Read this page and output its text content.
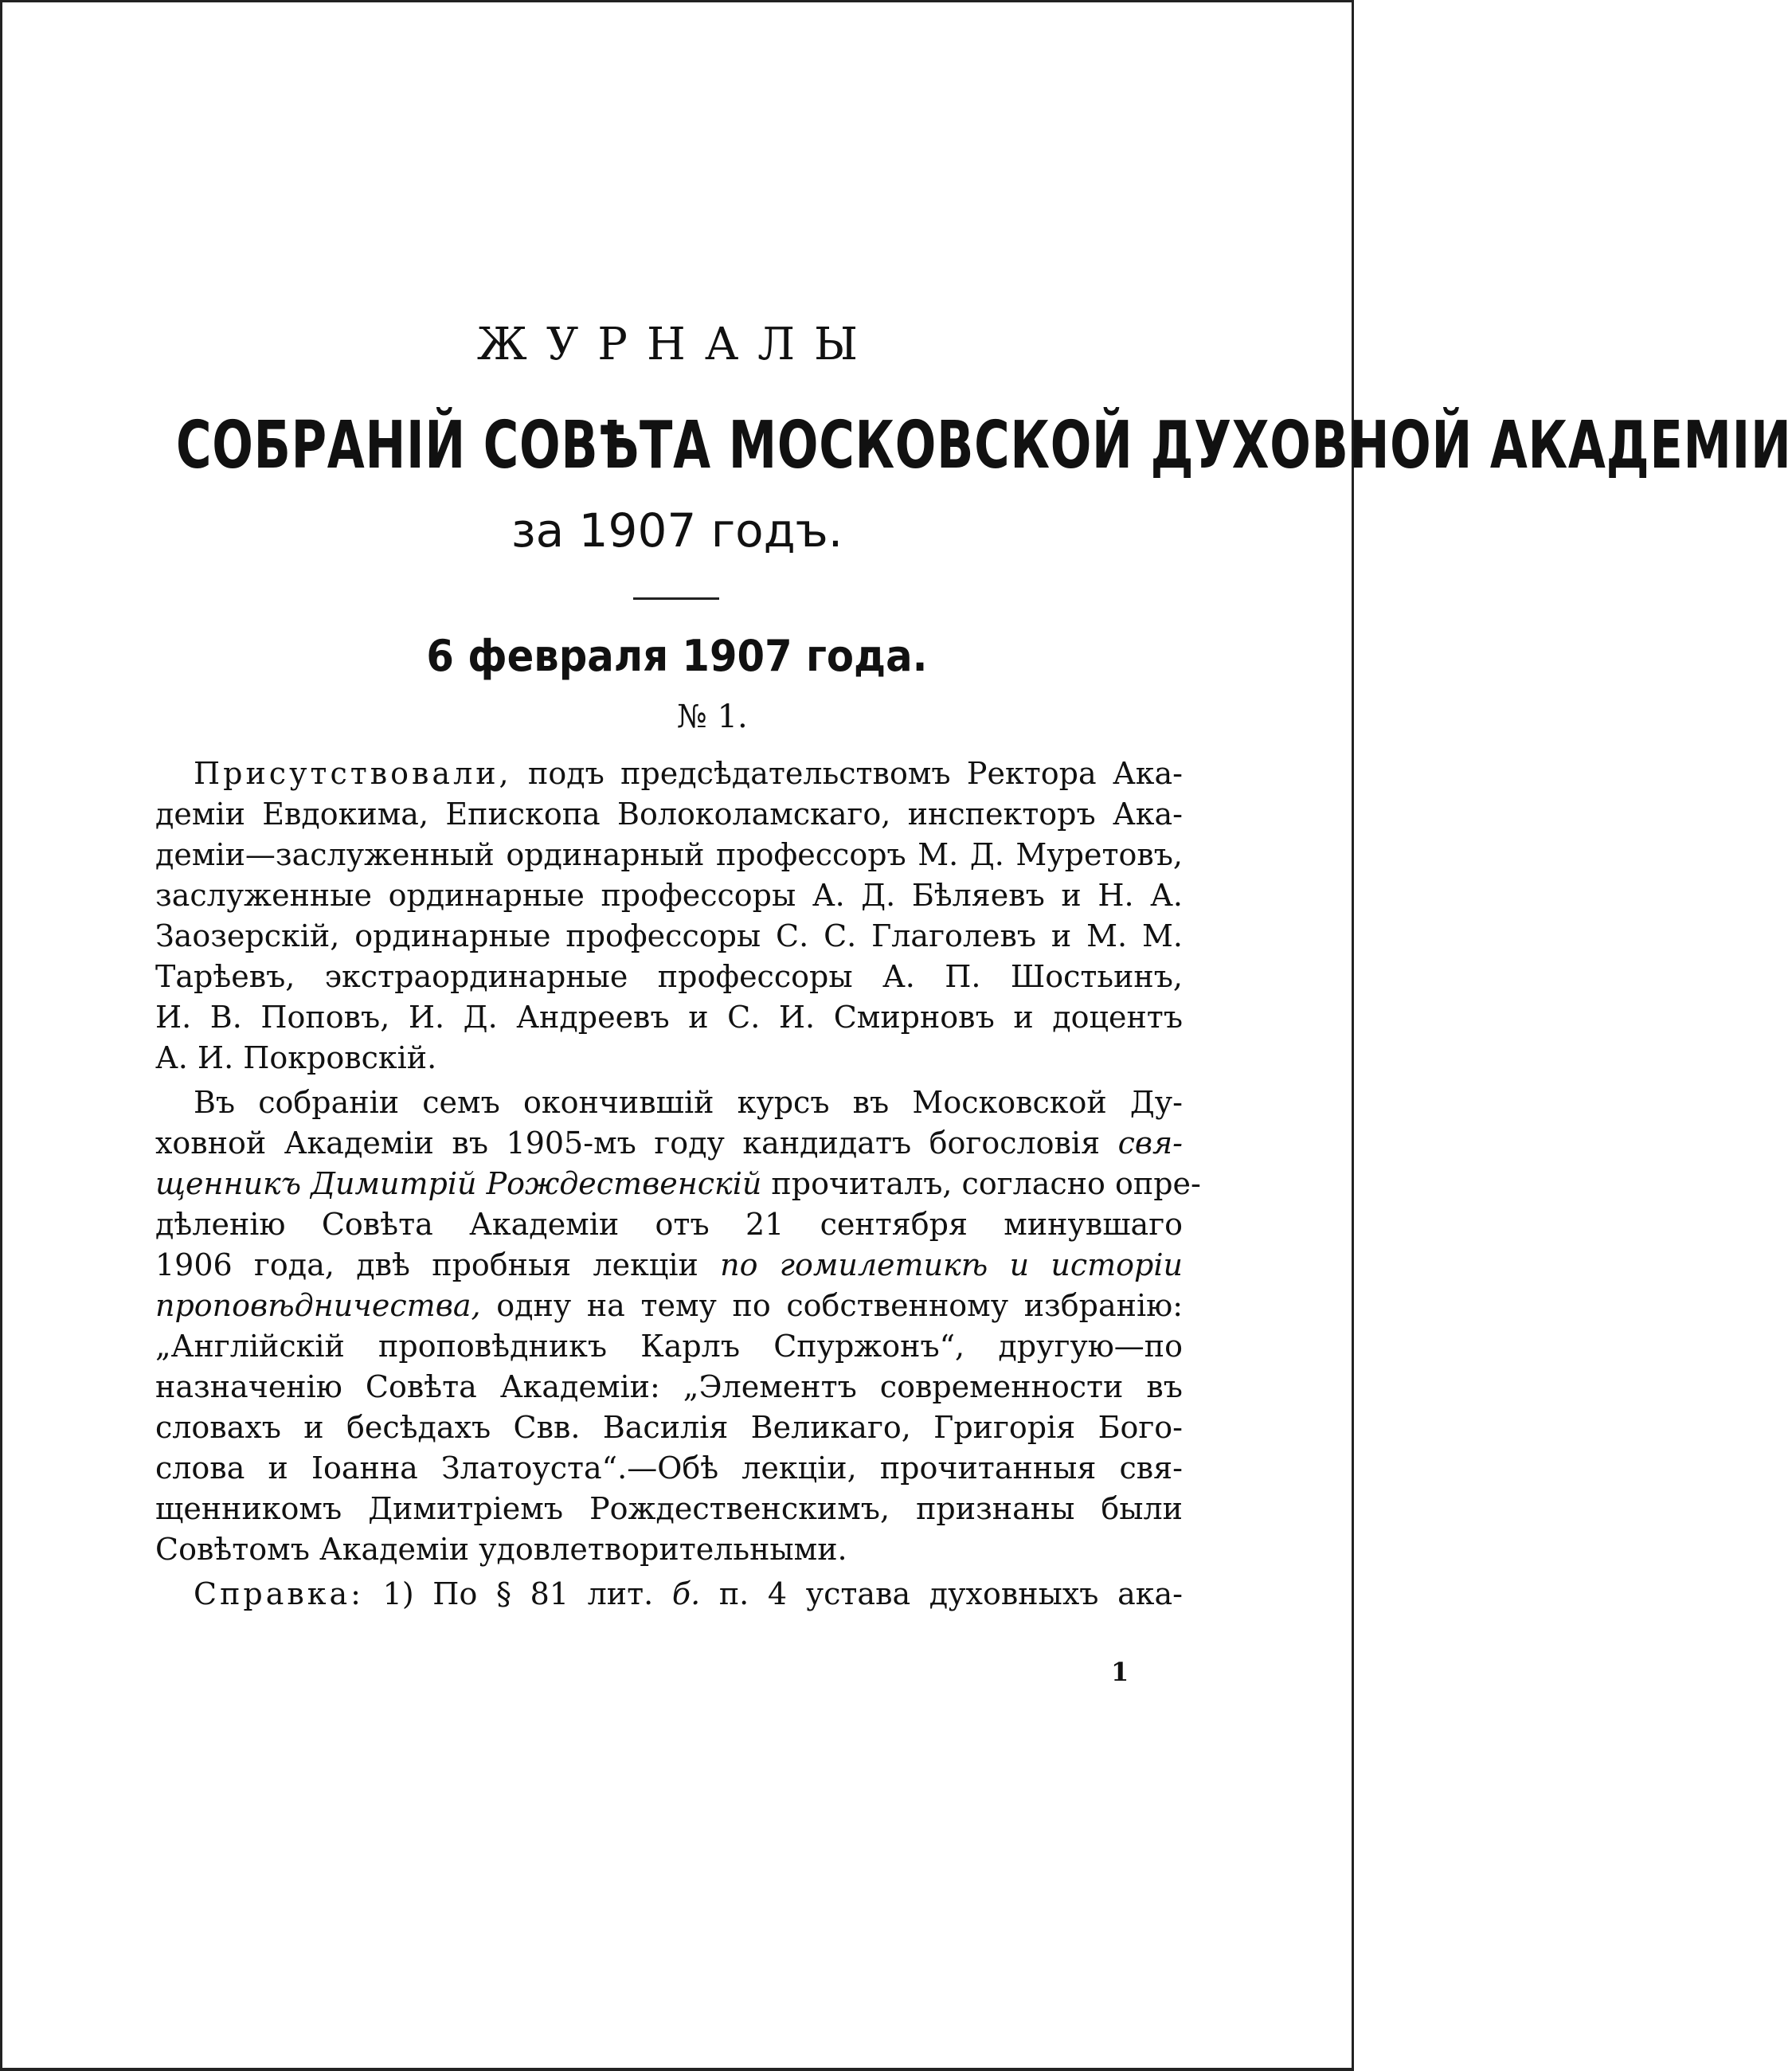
ЖУРНАЛЫ
СОБРАНІЙ СОВѢТА МОСКОВСКОЙ ДУХОВНОЙ АКАДЕМІИ
за 1907 годъ.
6 февраля 1907 года.
№ 1.
Присутствовали, подъ предсѣдательствомъ Ректора Ака-
деміи Евдокима, Епископа Волоколамскаго, инспекторъ Ака-
деміи—заслуженный ординарный профессоръ М. Д. Муретовъ,
заслуженные ординарные профессоры А. Д. Бѣляевъ и Н. А.
Заозерскій, ординарные профессоры С. С. Глаголевъ и М. М.
Тарѣевъ, экстраординарные профессоры А. П. Шостьинъ,
И. В. Поповъ, И. Д. Андреевъ и С. И. Смирновъ и доцентъ
А. И. Покровскій.
Въ собраніи семъ окончившій курсъ въ Московской Ду-
ховной Академіи въ 1905-мъ году кандидатъ богословія свя-
щенникъ Димитрій Рождественскій прочиталъ, согласно опре-
дѣленію Совѣта Академіи отъ 21 сентября минувшаго
1906 года, двѣ пробныя лекціи по гомилетикѣ и исторіи
проповѣдничества, одну на тему по собственному избранію:
„Англійскій проповѣдникъ Карлъ Спуржонъ“, другую—по
назначенію Совѣта Академіи: „Элементъ современности въ
словахъ и бесѣдахъ Свв. Василія Великаго, Григорія Бого-
слова и Іоанна Златоуста“.—Обѣ лекціи, прочитанныя свя-
щенникомъ Димитріемъ Рождественскимъ, признаны были
Совѣтомъ Академіи удовлетворительными.
Справка: 1) По § 81 лит. б. п. 4 устава духовныхъ ака-
1
